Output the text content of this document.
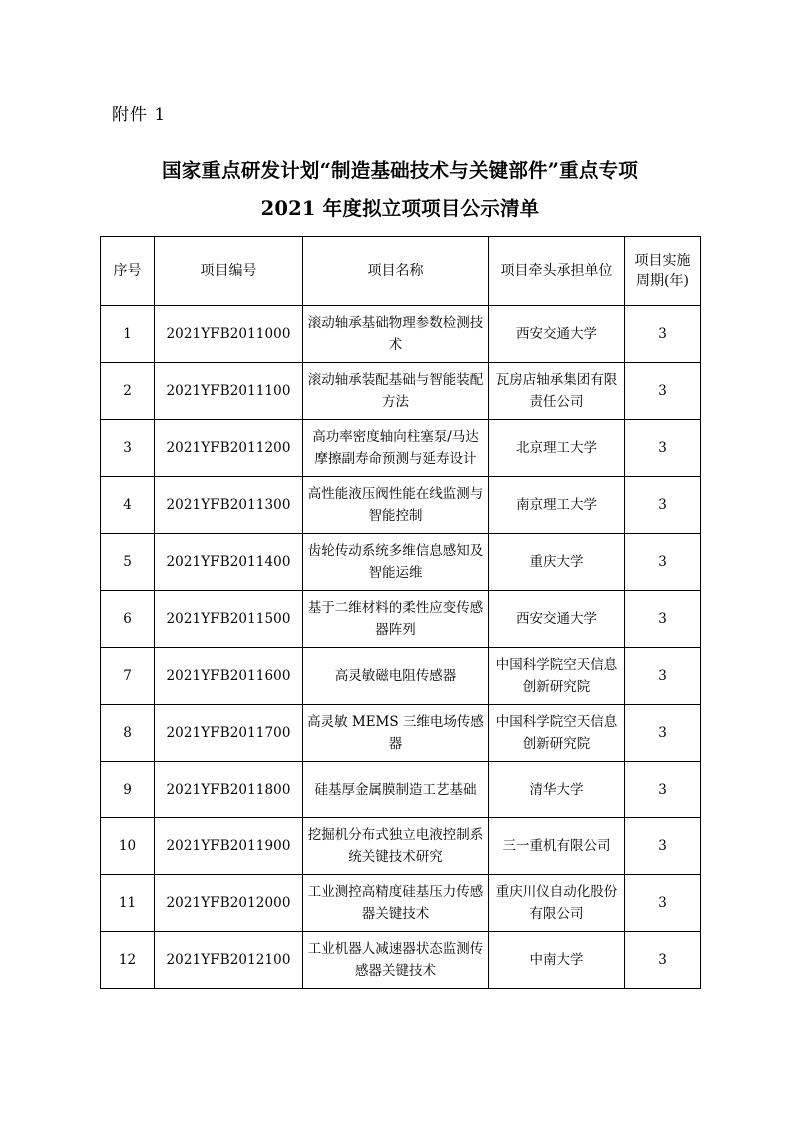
附件 1
国家重点研发计划“制造基础技术与关键部件”重点专项
2021 年度拟立项项目公示清单
序号	项目编号	项目名称	项目牵头承担单位	项目实施
周期(年)

1	2021YFB2011000	滚动轴承基础物理参数检测技术	西安交通大学	3
2	2021YFB2011100	滚动轴承装配基础与智能装配方法	瓦房店轴承集团有限责任公司	3
3	2021YFB2011200	高功率密度轴向柱塞泵/马达摩擦副寿命预测与延寿设计	北京理工大学	3
4	2021YFB2011300	高性能液压阀性能在线监测与智能控制	南京理工大学	3
5	2021YFB2011400	齿轮传动系统多维信息感知及智能运维	重庆大学	3
6	2021YFB2011500	基于二维材料的柔性应变传感器阵列	西安交通大学	3
7	2021YFB2011600	高灵敏磁电阻传感器	中国科学院空天信息创新研究院	3
8	2021YFB2011700	高灵敏 MEMS 三维电场传感器	中国科学院空天信息创新研究院	3
9	2021YFB2011800	硅基厚金属膜制造工艺基础	清华大学	3
10	2021YFB2011900	挖掘机分布式独立电液控制系统关键技术研究	三一重机有限公司	3
11	2021YFB2012000	工业测控高精度硅基压力传感器关键技术	重庆川仪自动化股份有限公司	3
12	2021YFB2012100	工业机器人减速器状态监测传感器关键技术	中南大学	3
